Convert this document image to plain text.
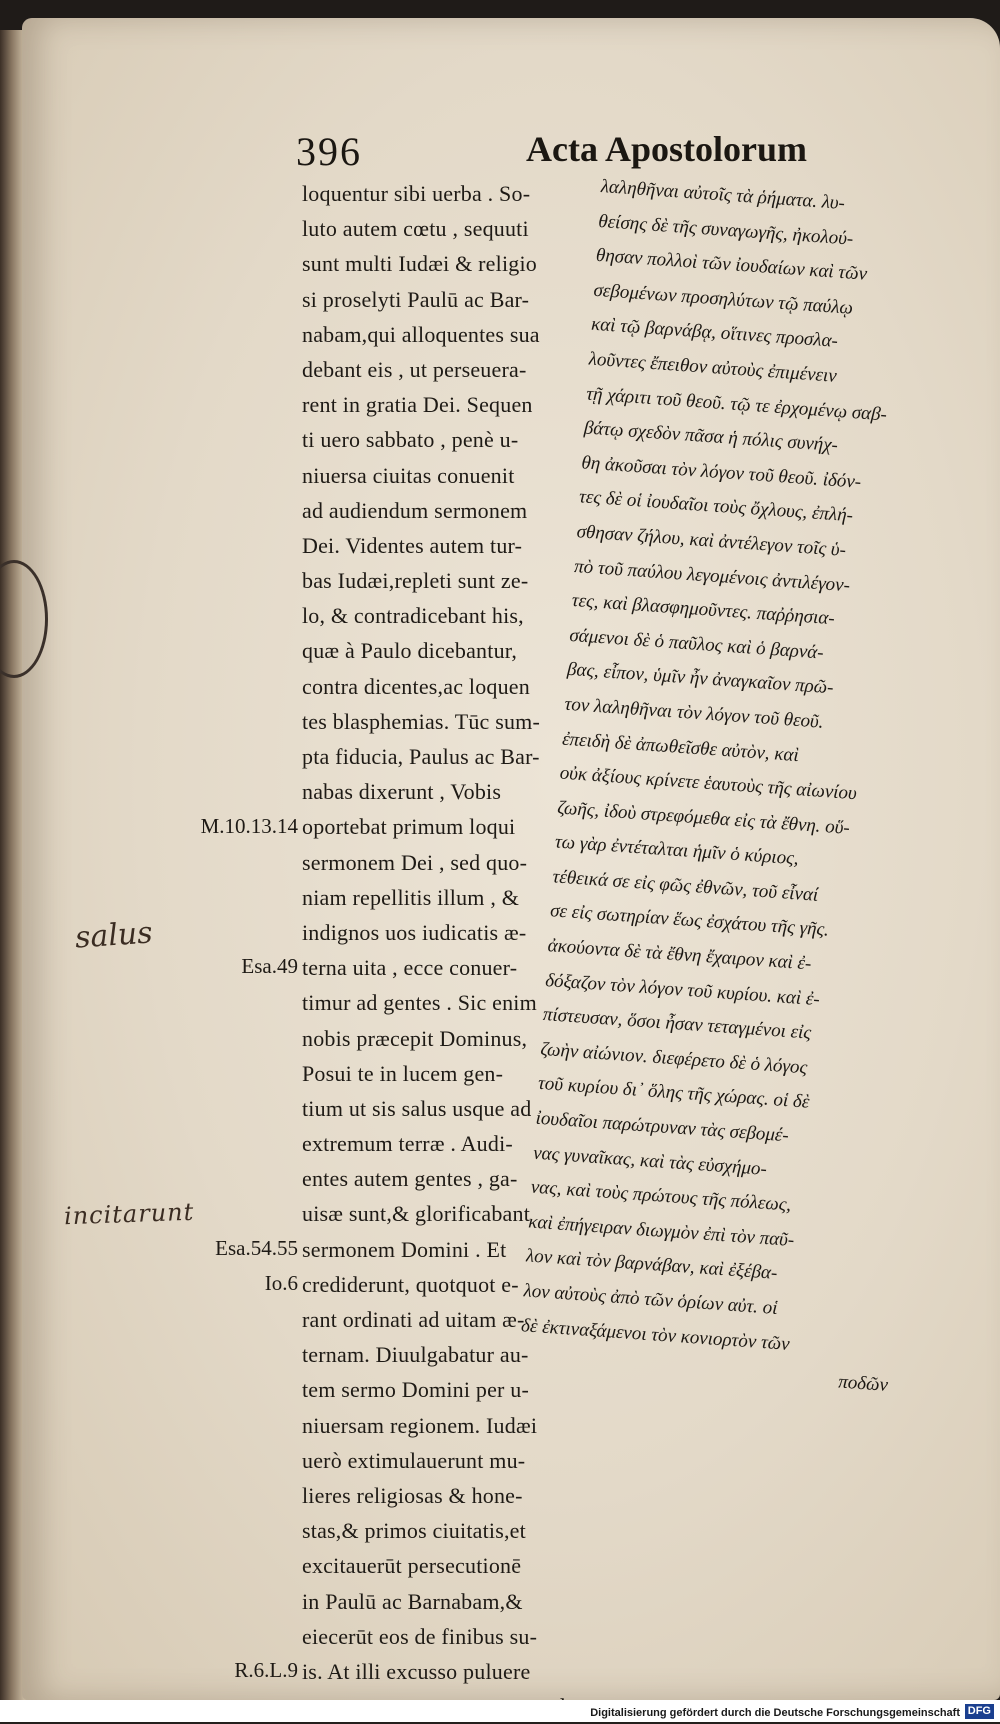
396	Acta Apostolorum
loquentur sibi uerba . So-
luto autem cœtu , sequuti
sunt multi Iudæi & religio
si proselyti Paulū ac Bar-
nabam,qui alloquentes sua
debant eis , ut perseuera-
rent in gratia Dei. Sequen
ti uero sabbato , penè u-
niuersa ciuitas conuenit
ad audiendum sermonem
Dei. Videntes autem tur-
bas Iudæi,repleti sunt ze-
lo, & contradicebant his,
quæ à Paulo dicebantur,
contra dicentes,ac loquen
tes blasphemias. Tūc sum-
pta fiducia, Paulus ac Bar-
nabas dixerunt , Vobis
oportebat primum loqui
sermonem Dei , sed quo-
niam repellitis illum , &
indignos uos iudicatis æ-
terna uita , ecce conuer-
timur ad gentes . Sic enim
nobis præcepit Dominus,
Posui te in lucem gen-
tium ut sis salus usque ad
extremum terræ . Audi-
entes autem gentes , ga-
uisæ sunt,& glorificabant
sermonem Domini . Et
crediderunt, quotquot e-
rant ordinati ad uitam æ-
ternam. Diuulgabatur au-
tem sermo Domini per u-
niuersam regionem. Iudæi
uerò extimulauerunt mu-
lieres religiosas & hone-
stas,& primos ciuitatis,et
excitauerūt persecutionē
in Paulū ac Barnabam,&
eiecerūt eos de finibus su-
is. At illi excusso puluere
λαληθῆναι αὐτοῖς τὰ ῥήματα. λυ-
θείσης δὲ τῆς συναγωγῆς, ἠκολού-
θησαν πολλοὶ τῶν ἰουδαίων καὶ τῶν
σεβομένων προσηλύτων τῷ παύλῳ
καὶ τῷ βαρνάβᾳ, οἵτινες προσλα-
λοῦντες ἔπειθον αὐτοὺς ἐπιμένειν
τῇ χάριτι τοῦ θεοῦ. τῷ τε ἐρχομένῳ σαβ-
βάτῳ σχεδὸν πᾶσα ἡ πόλις συνήχ-
θη ἀκοῦσαι τὸν λόγον τοῦ θεοῦ. ἰδόν-
τες δὲ οἱ ἰουδαῖοι τοὺς ὄχλους, ἐπλή-
σθησαν ζήλου, καὶ ἀντέλεγον τοῖς ὑ-
πὸ τοῦ παύλου λεγομένοις ἀντιλέγον-
τες, καὶ βλασφημοῦντες. παῤῥησια-
σάμενοι δὲ ὁ παῦλος καὶ ὁ βαρνά-
βας, εἶπον, ὑμῖν ἦν ἀναγκαῖον πρῶ-
τον λαληθῆναι τὸν λόγον τοῦ θεοῦ.
ἐπειδὴ δὲ ἀπωθεῖσθε αὐτὸν, καὶ
οὐκ ἀξίους κρίνετε ἑαυτοὺς τῆς αἰωνίου
ζωῆς, ἰδοὺ στρεφόμεθα εἰς τὰ ἔθνη. οὕ-
τω γὰρ ἐντέταλται ἡμῖν ὁ κύριος,
τέθεικά σε εἰς φῶς ἐθνῶν, τοῦ εἶναί
σε εἰς σωτηρίαν ἕως ἐσχάτου τῆς γῆς.
ἀκούοντα δὲ τὰ ἔθνη ἔχαιρον καὶ ἐ-
δόξαζον τὸν λόγον τοῦ κυρίου. καὶ ἐ-
πίστευσαν, ὅσοι ἦσαν τεταγμένοι εἰς
ζωὴν αἰώνιον. διεφέρετο δὲ ὁ λόγος
τοῦ κυρίου δι᾽ ὅλης τῆς χώρας. οἱ δὲ
ἰουδαῖοι παρώτρυναν τὰς σεβομέ-
νας γυναῖκας, καὶ τὰς εὐσχήμο-
νας, καὶ τοὺς πρώτους τῆς πόλεως,
καὶ ἐπήγειραν διωγμὸν ἐπὶ τὸν παῦ-
λον καὶ τὸν βαρνάβαν, καὶ ἐξέβα-
λον αὐτοὺς ἀπὸ τῶν ὁρίων αὐτ. οἱ
δὲ ἐκτιναξάμενοι τὸν κονιορτὸν τῶν
ποδῶν
M.10.13.14
Esa.49
Esa.54.55
Io.6
R.6.L.9
salus
incitarunt
Digitalisierung gefördert durch die Deutsche Forschungsgemeinschaft DFG
